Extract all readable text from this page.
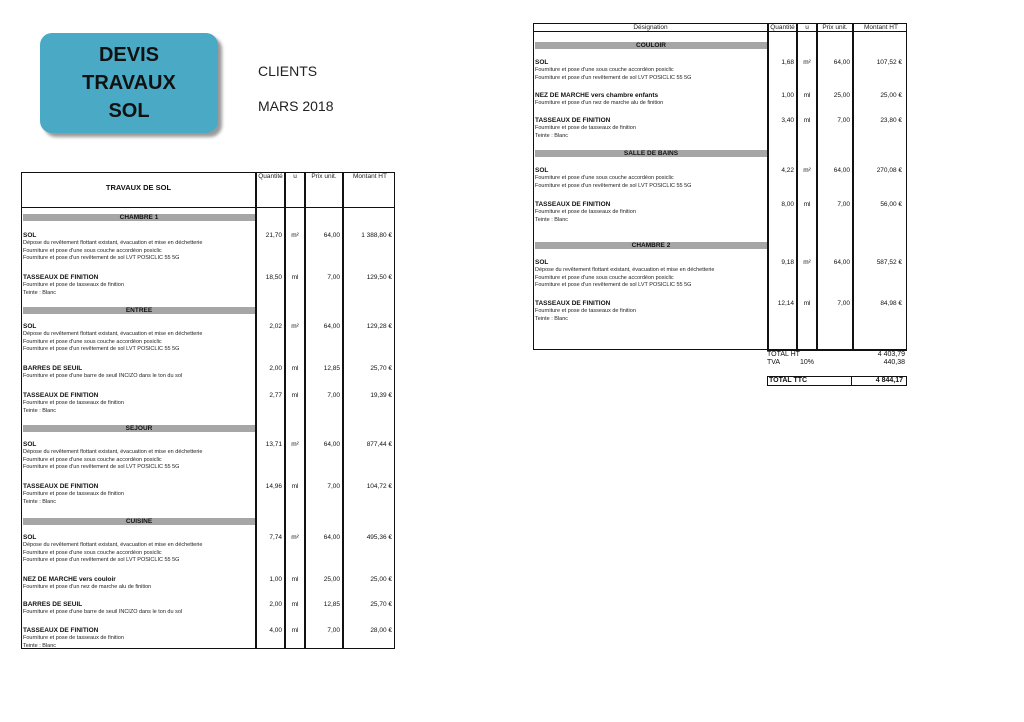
DEVIS
TRAVAUX
SOL
CLIENTS
MARS 2018
Quantité	u	Prix unit.	Montant HT
TRAVAUX DE SOL
CHAMBRE 1
SOL
Dépose du revêtement flottant existant, évacuation et mise en déchetterie
Fourniture et pose d'une sous couche accordéon posiclic
Fourniture et pose d'un revêtement de sol LVT POSICLIC 55 5G
21,70	m²	64,00	1 388,80 €
TASSEAUX DE FINITION
Fourniture et pose de tasseaux de finition
Teinte : Blanc
18,50	ml	7,00	129,50 €
ENTREE
SOL
Dépose du revêtement flottant existant, évacuation et mise en déchetterie
Fourniture et pose d'une sous couche accordéon posiclic
Fourniture et pose d'un revêtement de sol LVT POSICLIC 55 5G
2,02	m²	64,00	129,28 €
BARRES DE SEUIL
Fourniture et pose d'une barre de seuil INCIZO dans le ton du sol
2,00	ml	12,85	25,70 €
TASSEAUX DE FINITION
Fourniture et pose de tasseaux de finition
Teinte : Blanc
2,77	ml	7,00	19,39 €
SEJOUR
SOL
Dépose du revêtement flottant existant, évacuation et mise en déchetterie
Fourniture et pose d'une sous couche accordéon posiclic
Fourniture et pose d'un revêtement de sol LVT POSICLIC 55 5G
13,71	m²	64,00	877,44 €
TASSEAUX DE FINITION
Fourniture et pose de tasseaux de finition
Teinte : Blanc
14,96	ml	7,00	104,72 €
CUISINE
SOL
Dépose du revêtement flottant existant, évacuation et mise en déchetterie
Fourniture et pose d'une sous couche accordéon posiclic
Fourniture et pose d'un revêtement de sol LVT POSICLIC 55 5G
7,74	m²	64,00	495,36 €
NEZ DE MARCHE vers couloir
Fourniture et pose d'un nez de marche alu de finition
1,00	ml	25,00	25,00 €
BARRES DE SEUIL
Fourniture et pose d'une barre de seuil INCIZO dans le ton du sol
2,00	ml	12,85	25,70 €
TASSEAUX DE FINITION
Fourniture et pose de tasseaux de finition
Teinte : Blanc
4,00	ml	7,00	28,00 €
Désignation	Quantité	u	Prix unit.	Montant HT
COULOIR
SOL
Fourniture et pose d'une sous couche accordéon posiclic
Fourniture et pose d'un revêtement de sol LVT POSICLIC 55 5G
1,68	m²	64,00	107,52 €
NEZ DE MARCHE vers chambre enfants
Fourniture et pose d'un nez de marche alu de finition
1,00	ml	25,00	25,00 €
TASSEAUX DE FINITION
Fourniture et pose de tasseaux de finition
Teinte : Blanc
3,40	ml	7,00	23,80 €
SALLE DE BAINS
SOL
Fourniture et pose d'une sous couche accordéon posiclic
Fourniture et pose d'un revêtement de sol LVT POSICLIC 55 5G
4,22	m²	64,00	270,08 €
TASSEAUX DE FINITION
Fourniture et pose de tasseaux de finition
Teinte : Blanc
8,00	ml	7,00	56,00 €
CHAMBRE 2
SOL
Dépose du revêtement flottant existant, évacuation et mise en déchetterie
Fourniture et pose d'une sous couche accordéon posiclic
Fourniture et pose d'un revêtement de sol LVT POSICLIC 55 5G
9,18	m²	64,00	587,52 €
TASSEAUX DE FINITION
Fourniture et pose de tasseaux de finition
Teinte : Blanc
12,14	ml	7,00	84,98 €
TOTAL HT	4 403,79
TVA	10%	440,38
TOTAL TTC	4 844,17
